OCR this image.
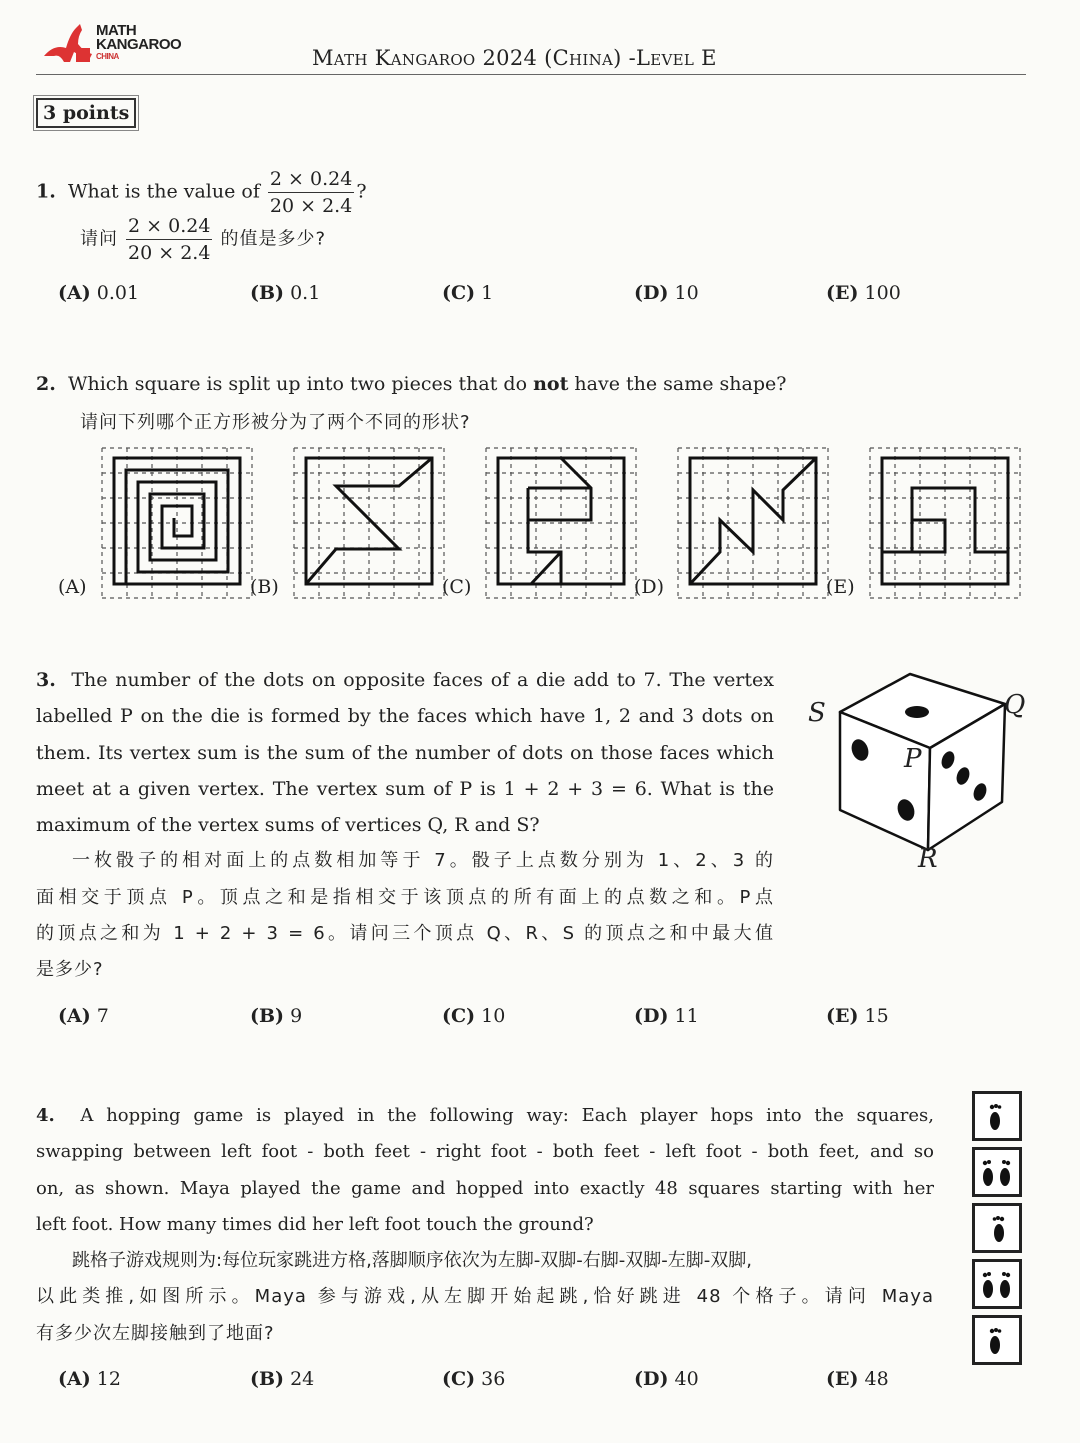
MATH
KANGAROO
CHINA	Math Kangaroo 2024 (China) -Level E
3 points
1. What is the value of $\frac{2 \times 0.24}{20 \times 2.4}$ ?
请问 $\frac{2 \times 0.24}{20 \times 2.4}$ 的值是多少?
(A) 0.01	(B) 0.1	(C) 1	(D) 10	(E) 100
2. Which square is split up into two pieces that do not have the same shape?
请问下列哪个正方形被分为了两个不同的形状?
(A)	(B)	(C)	(D)	(E)
3. The number of the dots on opposite faces of a die add to 7. The vertex
labelled P on the die is formed by the faces which have 1, 2 and 3 dots on
them. Its vertex sum is the sum of the number of dots on those faces which
meet at a given vertex. The vertex sum of P is 1 + 2 + 3 = 6. What is the
maximum of the vertex sums of vertices Q, R and S?
一枚骰子的相对面上的点数相加等于 7。骰子上点数分别为 1、2、3 的
面相交于顶点 P。顶点之和是指相交于该顶点的所有面上的点数之和。P点
的顶点之和为 1 + 2 + 3 = 6。请问三个顶点 Q、R、S 的顶点之和中最大值
是多少?
S	Q
P
R
(A) 7	(B) 9	(C) 10	(D) 11	(E) 15
4. A hopping game is played in the following way: Each player hops into the squares,
swapping between left foot - both feet - right foot - both feet - left foot - both feet, and so
on, as shown. Maya played the game and hopped into exactly 48 squares starting with her
left foot. How many times did her left foot touch the ground?
跳格子游戏规则为:每位玩家跳进方格,落脚顺序依次为左脚-双脚-右脚-双脚-左脚-双脚,
以此类推,如图所示。Maya 参与游戏,从左脚开始起跳,恰好跳进 48 个格子。请问 Maya
有多少次左脚接触到了地面?
(A) 12	(B) 24	(C) 36	(D) 40	(E) 48
